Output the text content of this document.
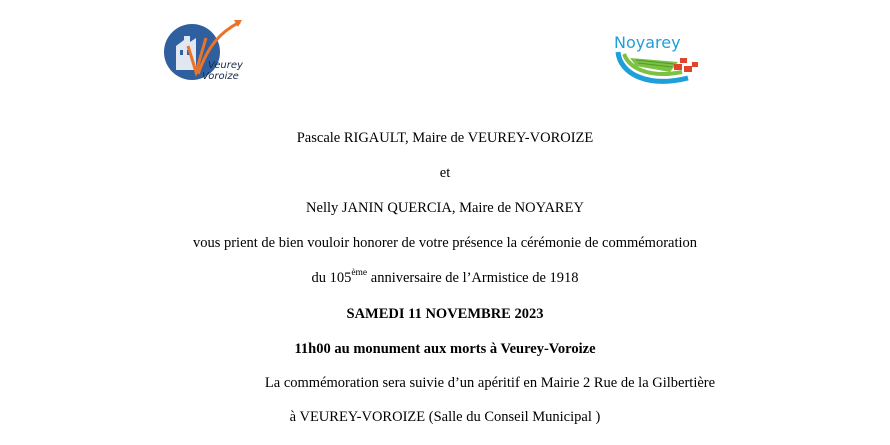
Veurey
Voroize
Noyarey
Pascale RIGAULT, Maire de VEUREY-VOROIZE
et
Nelly JANIN QUERCIA, Maire de NOYAREY
vous prient de bien vouloir honorer de votre présence la cérémonie de commémoration
du 105ème anniversaire de l’Armistice de 1918
SAMEDI 11 NOVEMBRE 2023
11h00 au monument aux morts à Veurey-Voroize
La commémoration sera suivie d’un apéritif en Mairie 2 Rue de la Gilbertière
à VEUREY-VOROIZE (Salle du Conseil Municipal )
